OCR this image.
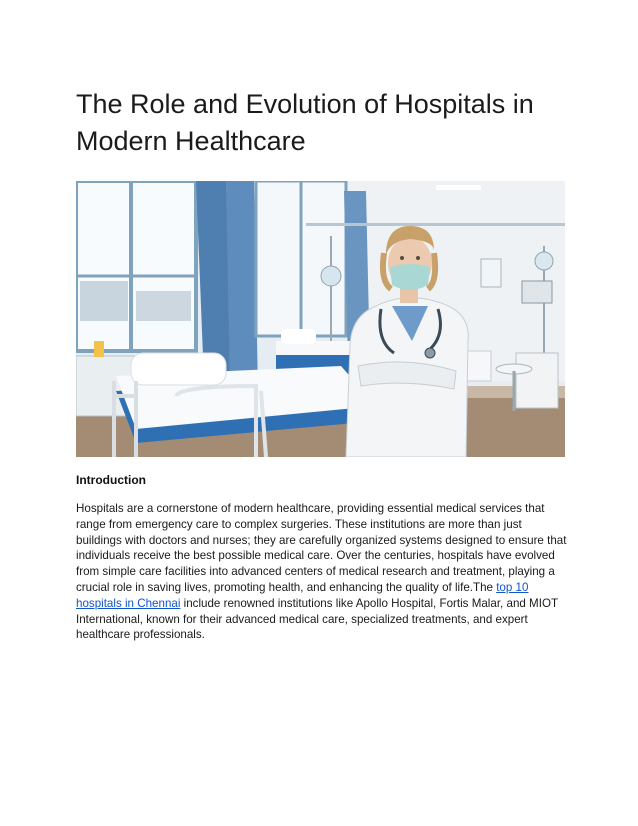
The Role and Evolution of Hospitals in Modern Healthcare
Introduction

Hospitals are a cornerstone of modern healthcare, providing essential medical services that range from emergency care to complex surgeries. These institutions are more than just buildings with doctors and nurses; they are carefully organized systems designed to ensure that individuals receive the best possible medical care. Over the centuries, hospitals have evolved from simple care facilities into advanced centers of medical research and treatment, playing a crucial role in saving lives, promoting health, and enhancing the quality of life.The top 10 hospitals in Chennai include renowned institutions like Apollo Hospital, Fortis Malar, and MIOT International, known for their advanced medical care, specialized treatments, and expert healthcare professionals.
